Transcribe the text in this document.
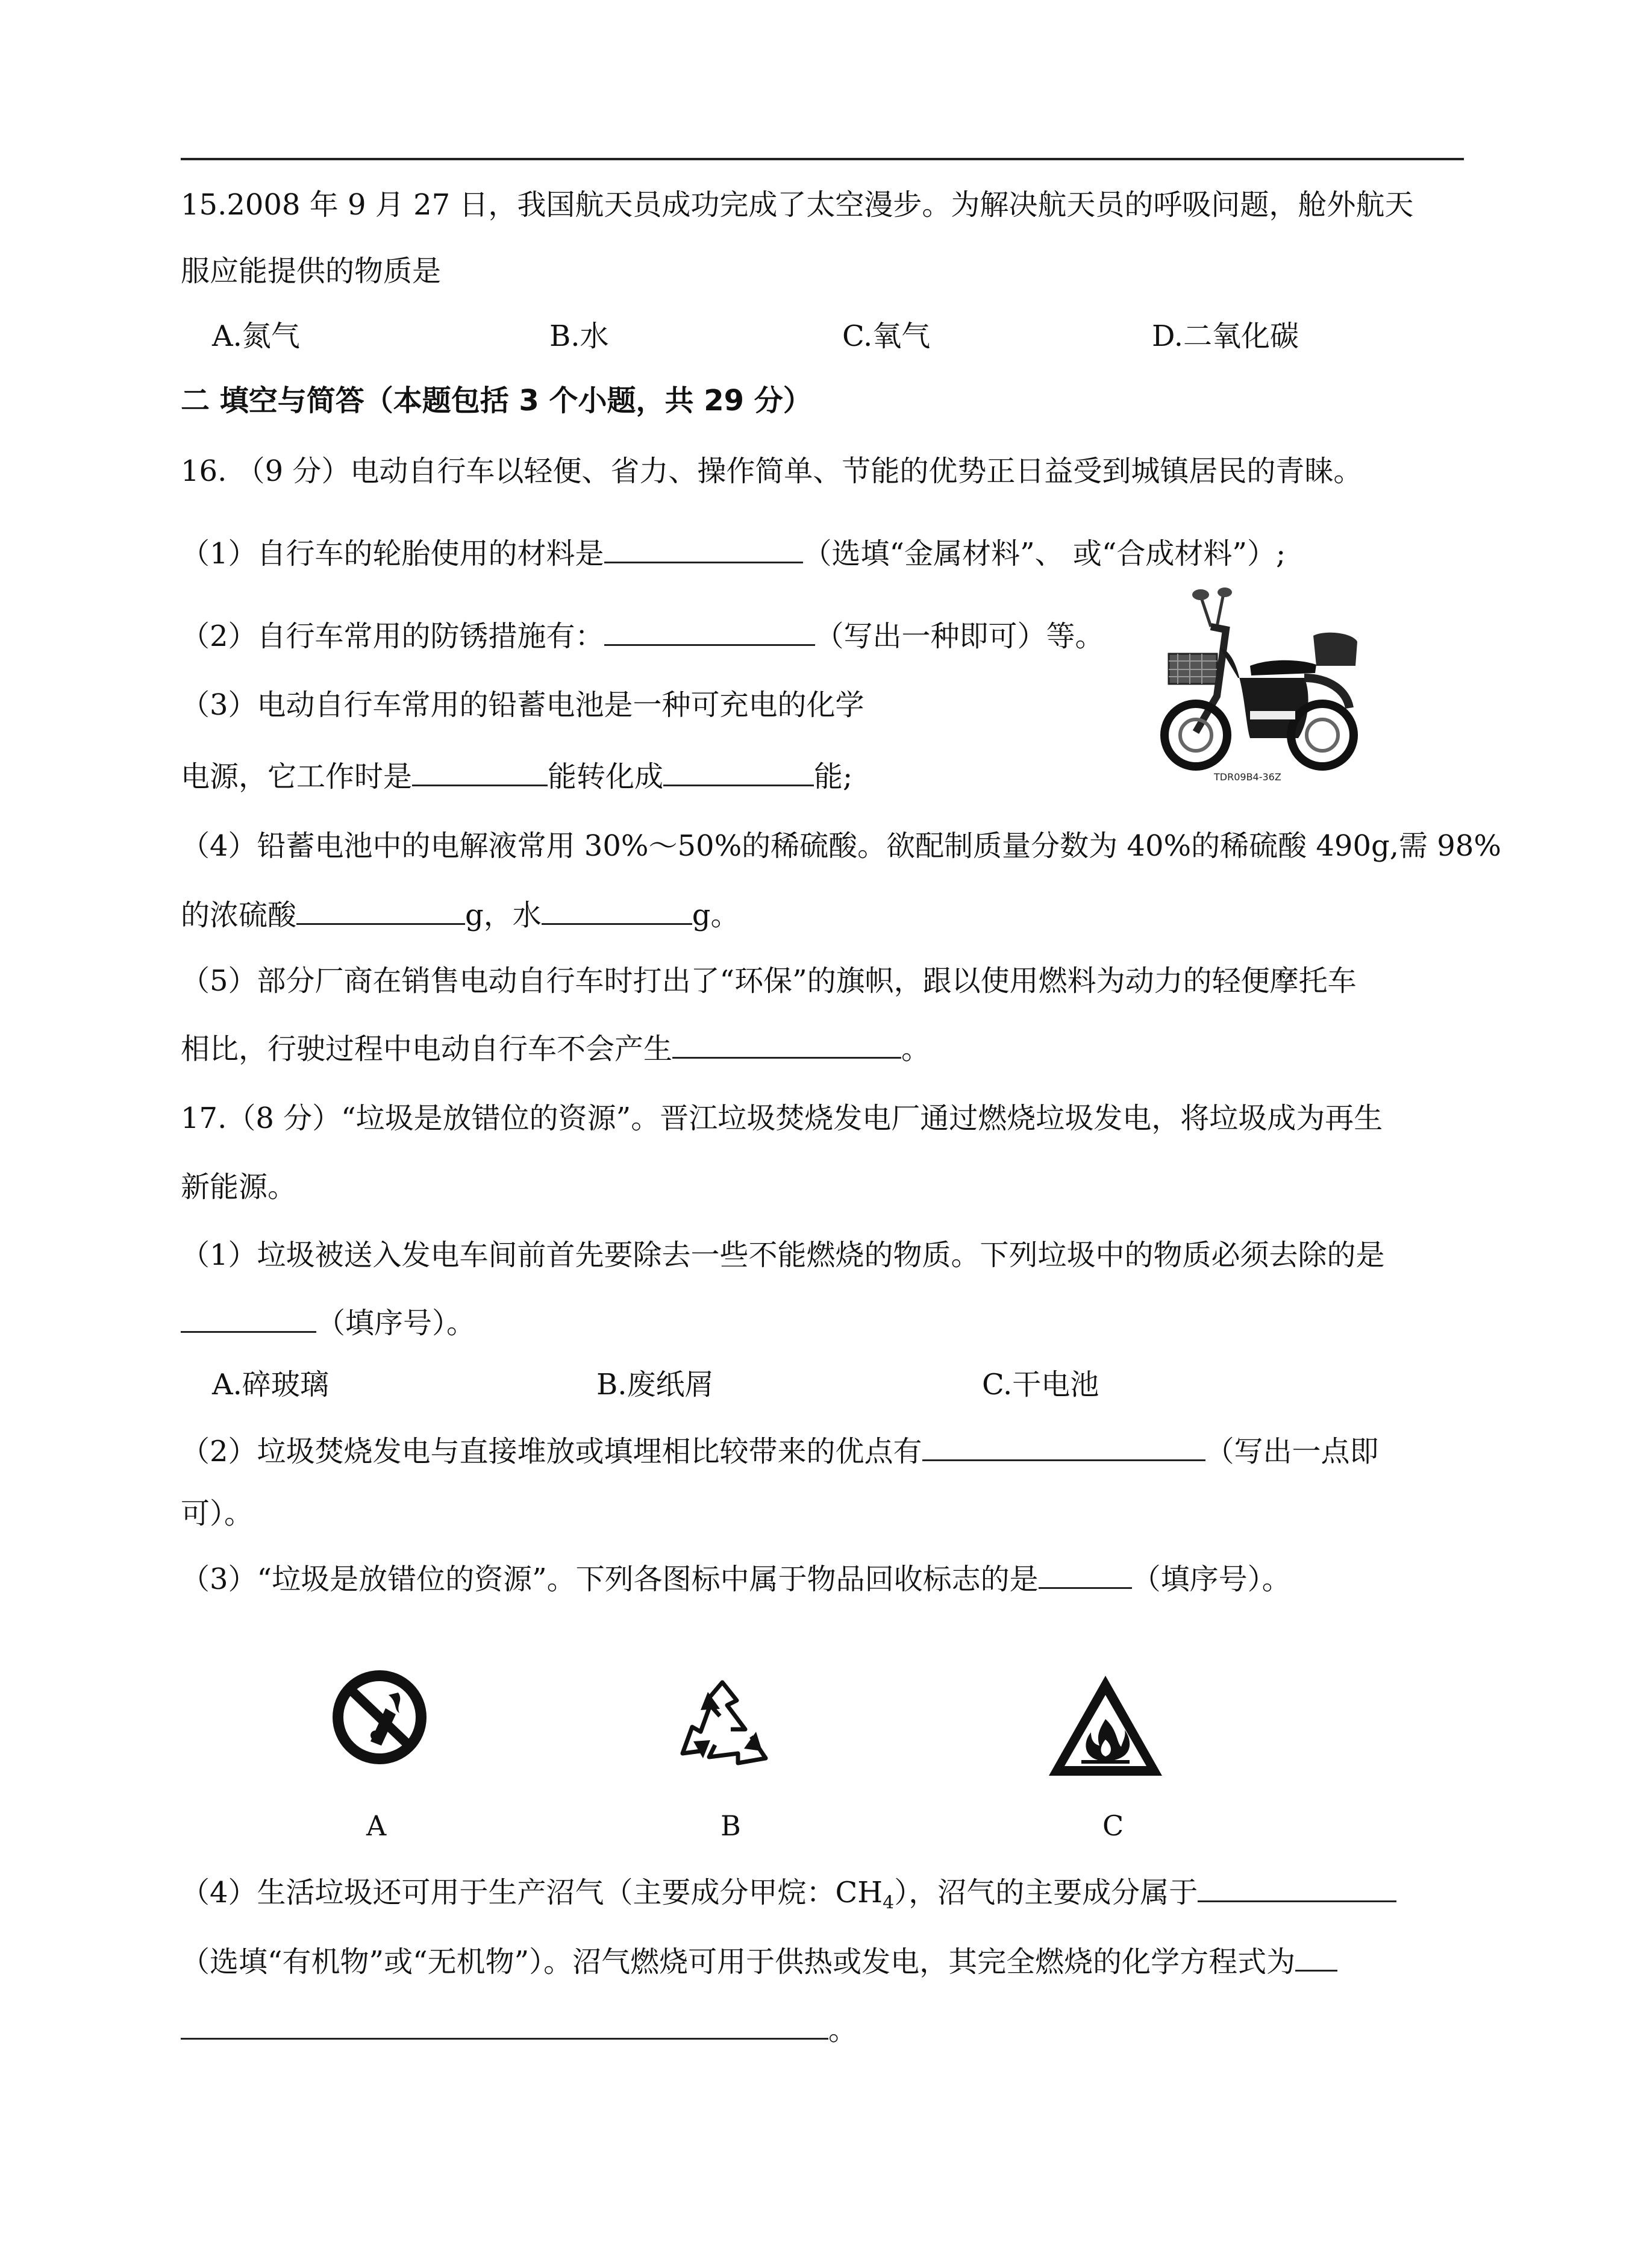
15.2008 年 9 月 27 日，我国航天员成功完成了太空漫步。为解决航天员的呼吸问题，舱外航天
服应能提供的物质是
A.氮气	B.水	C.氧气	D.二氧化碳
二 填空与简答（本题包括 3 个小题，共 29 分）
16. （9 分）电动自行车以轻便、省力、操作简单、节能的优势正日益受到城镇居民的青睐。
（1）自行车的轮胎使用的材料是	（选填“金属材料”、 或“合成材料”）;
（2）自行车常用的防锈措施有：	（写出一种即可）等。
（3）电动自行车常用的铅蓄电池是一种可充电的化学
电源，它工作时是	能转化成	能;	TDR09B4-36Z
（4）铅蓄电池中的电解液常用 30%～50%的稀硫酸。欲配制质量分数为 40%的稀硫酸 490g,需 98%
的浓硫酸	g，水	g。
（5）部分厂商在销售电动自行车时打出了“环保”的旗帜，跟以使用燃料为动力的轻便摩托车
相比，行驶过程中电动自行车不会产生	。
17.（8 分）“垃圾是放错位的资源”。晋江垃圾焚烧发电厂通过燃烧垃圾发电，将垃圾成为再生
新能源。
（1）垃圾被送入发电车间前首先要除去一些不能燃烧的物质。下列垃圾中的物质必须去除的是
（填序号）。
A.碎玻璃	B.废纸屑	C.干电池
（2）垃圾焚烧发电与直接堆放或填埋相比较带来的优点有	（写出一点即
可）。
（3）“垃圾是放错位的资源”。下列各图标中属于物品回收标志的是	（填序号）。
A	B	C
（4）生活垃圾还可用于生产沼气（主要成分甲烷：$CH_4$），沼气的主要成分属于
（选填“有机物”或“无机物”）。沼气燃烧可用于供热或发电，其完全燃烧的化学方程式为
。
